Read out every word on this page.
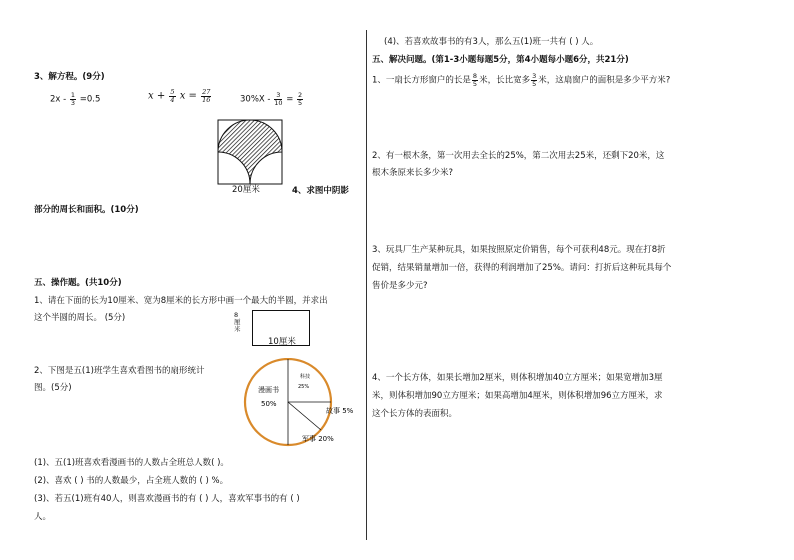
3、解方程。(9分)
$2x - \frac{1}{3} =0.5$	$x + \frac{5}{4}$ $x = \frac{27}{16}$	$30\%X - \frac{3}{10} = \frac{2}{5}$
20厘米	4、求图中阴影
部分的周长和面积。(10分)
五、操作题。(共10分)
1、请在下面的长为10厘米、宽为8厘米的长方形中画一个最大的半圆，并求出
这个半圆的周长。 (5分)	8厘米
10厘米
2、下图是五(1)班学生喜欢看图书的扇形统计
图。(5分)	漫画书
50%
科技
25%
故事 5%
军事 20%
(1)、五(1)班喜欢看漫画书的人数占全班总人数( )。
(2)、喜欢 ( ) 书的人数最少，占全班人数的 ( ) %。
(3)、若五(1)班有40人，则喜欢漫画书的有 ( ) 人，喜欢军事书的有 ( )
人。
(4)、若喜欢故事书的有3人，那么五(1)班一共有 ( ) 人。
五、解决问题。(第1-3小题每题5分，第4小题每小题6分，共21分)
1、一扇长方形窗户的长是 $\frac{8}{5}$ 米，长比宽多 $\frac{3}{5}$ 米，这扇窗户的面积是多少平方米?
2、有一根木条，第一次用去全长的25%，第二次用去25米，还剩下20米，这
根木条原来长多少米?
3、玩具厂生产某种玩具，如果按照原定价销售，每个可获利48元。现在打8折
促销，结果销量增加一倍，获得的利润增加了25%。请问：打折后这种玩具每个
售价是多少元?
4、一个长方体，如果长增加2厘米，则体积增加40立方厘米；如果宽增加3厘
米，则体积增加90立方厘米；如果高增加4厘米，则体积增加96立方厘米，求
这个长方体的表面积。
